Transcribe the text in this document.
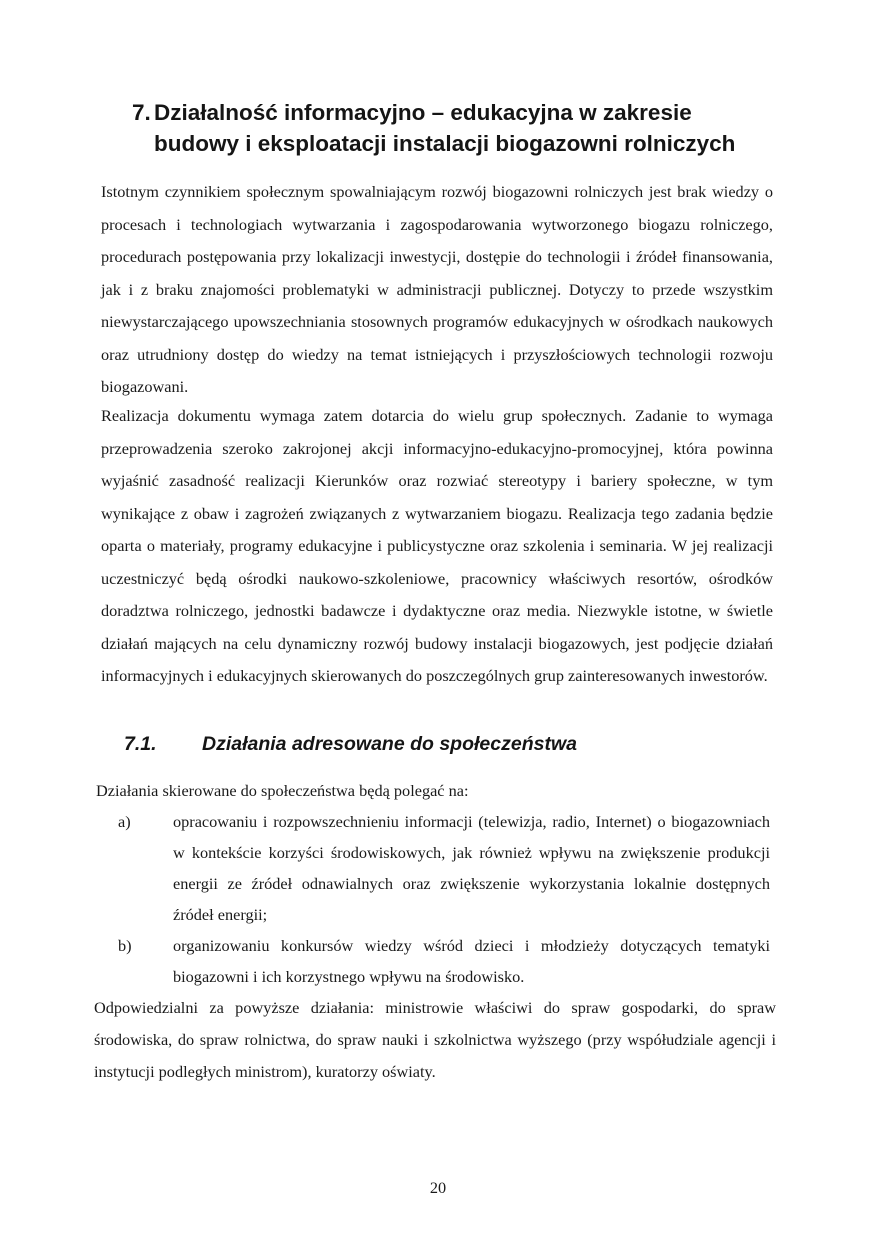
7. Działalność informacyjno – edukacyjna w zakresie
budowy i eksploatacji instalacji biogazowni rolniczych

Istotnym czynnikiem społecznym spowalniającym rozwój biogazowni rolniczych jest brak wiedzy o procesach i technologiach wytwarzania i zagospodarowania wytworzonego biogazu rolniczego, procedurach postępowania przy lokalizacji inwestycji, dostępie do technologii i źródeł finansowania, jak i z braku znajomości problematyki w administracji publicznej. Dotyczy to przede wszystkim niewystarczającego upowszechniania stosownych programów edukacyjnych w ośrodkach naukowych oraz utrudniony dostęp do wiedzy na temat istniejących i przyszłościowych technologii rozwoju biogazowani.

Realizacja dokumentu wymaga zatem dotarcia do wielu grup społecznych. Zadanie to wymaga przeprowadzenia szeroko zakrojonej akcji informacyjno-edukacyjno-promocyjnej, która powinna wyjaśnić zasadność realizacji Kierunków oraz rozwiać stereotypy i bariery społeczne, w tym wynikające z obaw i zagrożeń związanych z wytwarzaniem biogazu. Realizacja tego zadania będzie oparta o materiały, programy edukacyjne i publicystyczne oraz szkolenia i seminaria. W jej realizacji uczestniczyć będą ośrodki naukowo-szkoleniowe, pracownicy właściwych resortów, ośrodków doradztwa rolniczego, jednostki badawcze i dydaktyczne oraz media. Niezwykle istotne, w świetle działań mających na celu dynamiczny rozwój budowy instalacji biogazowych, jest podjęcie działań informacyjnych i edukacyjnych skierowanych do poszczególnych grup zainteresowanych inwestorów.

7.1. Działania adresowane do społeczeństwa

Działania skierowane do społeczeństwa będą polegać na:

a)	opracowaniu i rozpowszechnieniu informacji (telewizja, radio, Internet) o biogazowniach w kontekście korzyści środowiskowych, jak również wpływu na zwiększenie produkcji energii ze źródeł odnawialnych oraz zwiększenie wykorzystania lokalnie dostępnych źródeł energii;
b)	organizowaniu konkursów wiedzy wśród dzieci i młodzieży dotyczących tematyki biogazowni i ich korzystnego wpływu na środowisko.

Odpowiedzialni za powyższe działania: ministrowie właściwi do spraw gospodarki, do spraw środowiska, do spraw rolnictwa, do spraw nauki i szkolnictwa wyższego (przy współudziale agencji i instytucji podległych ministrom), kuratorzy oświaty.

20
